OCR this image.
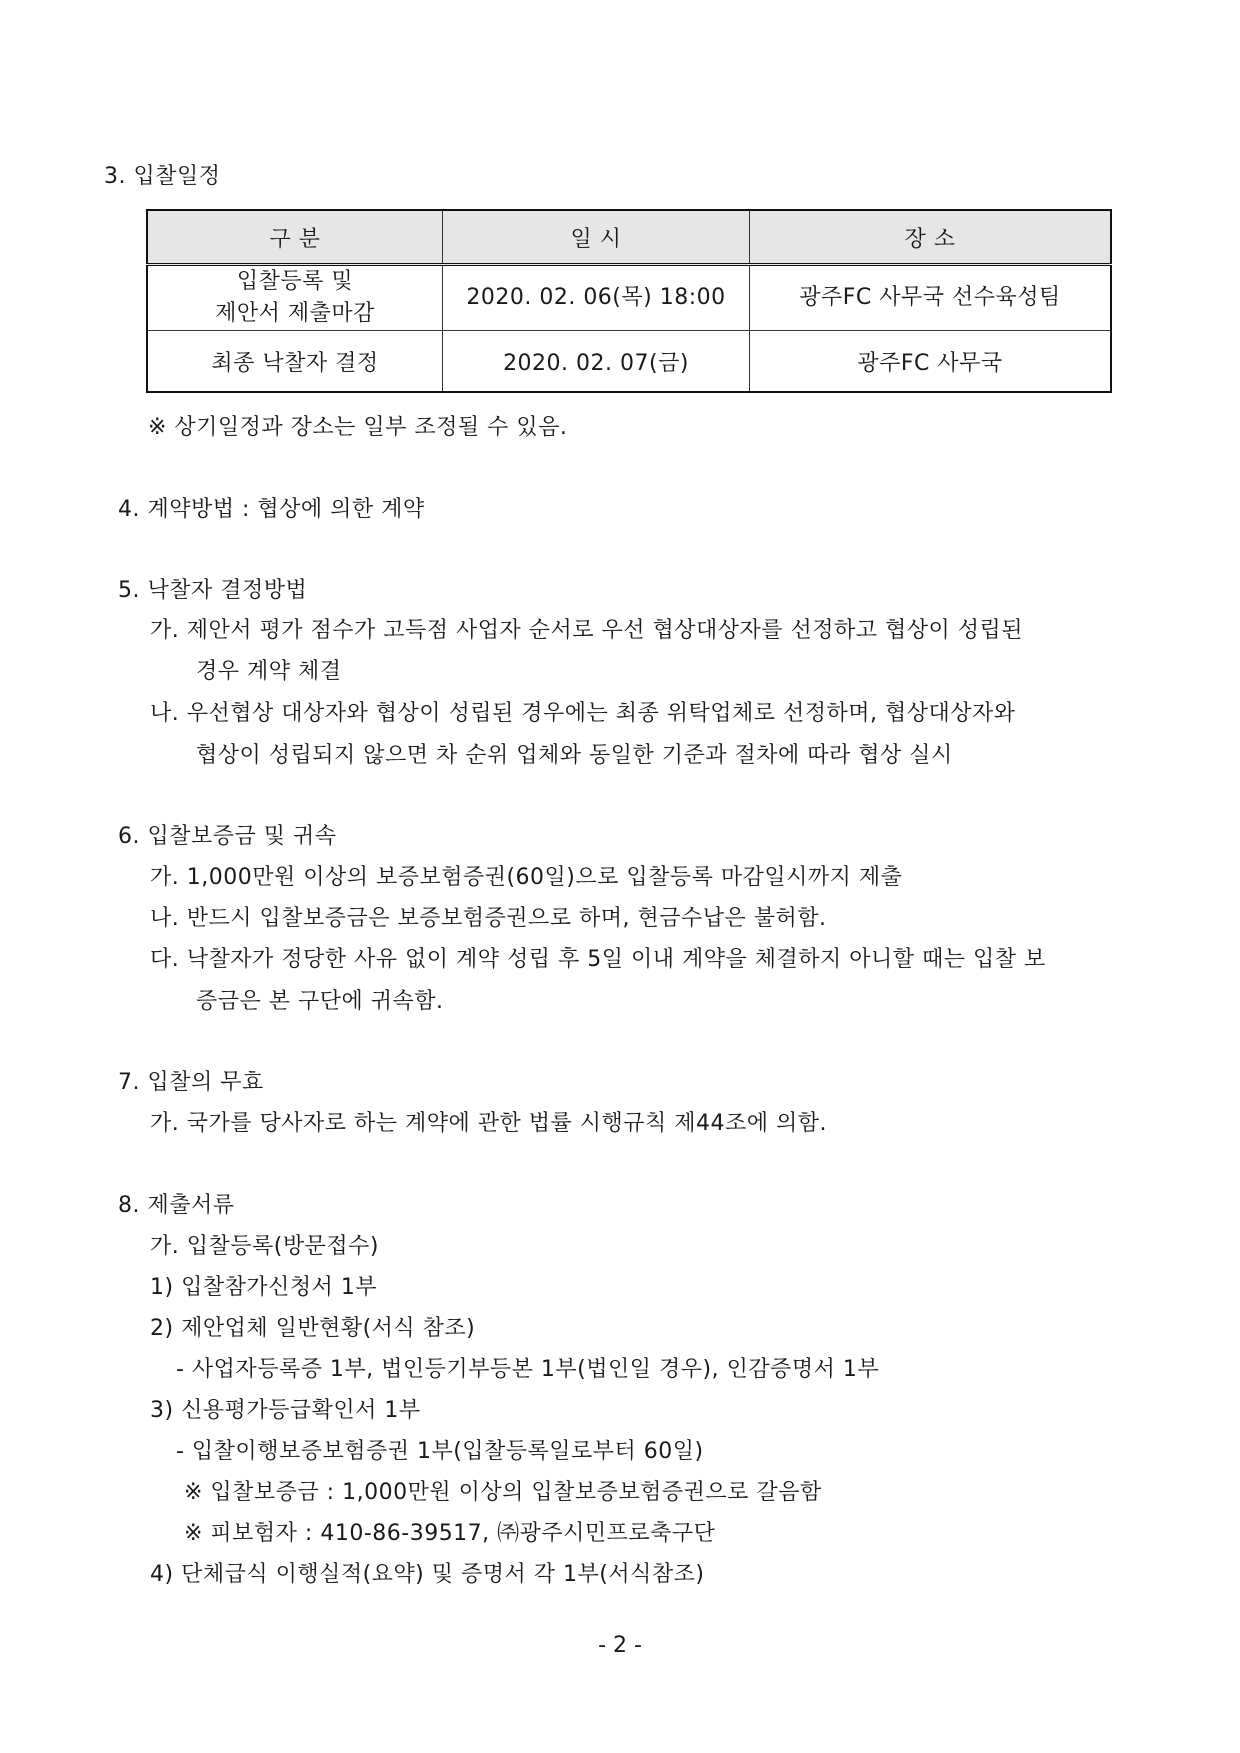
3. 입찰일정
구 분	일 시	장 소

입찰등록 및
제안서 제출마감	2020. 02. 06(목) 18:00	광주FC 사무국 선수육성팀
최종 낙찰자 결정	2020. 02. 07(금)	광주FC 사무국
※ 상기일정과 장소는 일부 조정될 수 있음.
4. 계약방법 : 협상에 의한 계약
5. 낙찰자 결정방법
가. 제안서 평가 점수가 고득점 사업자 순서로 우선 협상대상자를 선정하고 협상이 성립된
경우 계약 체결
나. 우선협상 대상자와 협상이 성립된 경우에는 최종 위탁업체로 선정하며, 협상대상자와
협상이 성립되지 않으면 차 순위 업체와 동일한 기준과 절차에 따라 협상 실시
6. 입찰보증금 및 귀속
가. 1,000만원 이상의 보증보험증권(60일)으로 입찰등록 마감일시까지 제출
나. 반드시 입찰보증금은 보증보험증권으로 하며, 현금수납은 불허함.
다. 낙찰자가 정당한 사유 없이 계약 성립 후 5일 이내 계약을 체결하지 아니할 때는 입찰 보
증금은 본 구단에 귀속함.
7. 입찰의 무효
가. 국가를 당사자로 하는 계약에 관한 법률 시행규칙 제44조에 의함.
8. 제출서류
가. 입찰등록(방문접수)
1) 입찰참가신청서 1부
2) 제안업체 일반현황(서식 참조)
- 사업자등록증 1부, 법인등기부등본 1부(법인일 경우), 인감증명서 1부
3) 신용평가등급확인서 1부
- 입찰이행보증보험증권 1부(입찰등록일로부터 60일)
※ 입찰보증금 : 1,000만원 이상의 입찰보증보험증권으로 갈음함
※ 피보험자 : 410-86-39517, ㈜광주시민프로축구단
4) 단체급식 이행실적(요약) 및 증명서 각 1부(서식참조)
- 2 -
